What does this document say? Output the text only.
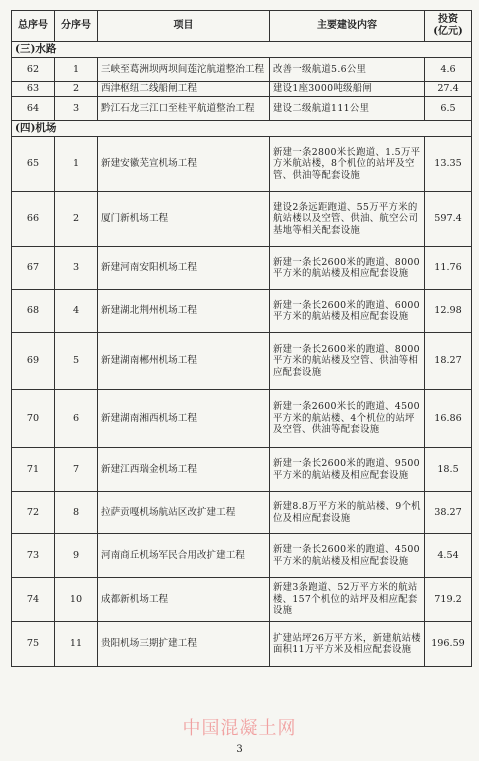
总序号	分序号	项目	主要建设内容	投资
(亿元)
(三)水路				
62	1	三峡至葛洲坝两坝间莲沱航道整治工程	改善一级航道5.6公里	4.6
63	2	西津枢纽二线船闸工程	建设1座3000吨级船闸	27.4
64	3	黔江石龙三江口至桂平航道整治工程	建设二级航道111公里	6.5
(四)机场				
65	1	新建安徽芜宣机场工程	新建一条2800米长跑道、1.5万平方米航站楼，8个机位的站坪及空管、供油等配套设施	13.35
66	2	厦门新机场工程	建设2条远距跑道、55万平方米的航站楼以及空管、供油、航空公司基地等相关配套设施	597.4
67	3	新建河南安阳机场工程	新建一条长2600米的跑道、8000平方米的航站楼及相应配套设施	11.76
68	4	新建湖北荆州机场工程	新建一条长2600米的跑道、6000平方米的航站楼及相应配套设施	12.98
69	5	新建湖南郴州机场工程	新建一条长2600米的跑道、8000平方米的航站楼及空管、供油等相应配套设施	18.27
70	6	新建湖南湘西机场工程	新建一条2600米长的跑道、4500平方米的航站楼、4个机位的站坪及空管、供油等配套设施	16.86
71	7	新建江西瑞金机场工程	新建一条长2600米的跑道、9500平方米的航站楼及相应配套设施	18.5
72	8	拉萨贡嘎机场航站区改扩建工程	新建8.8万平方米的航站楼、9个机位及相应配套设施	38.27
73	9	河南商丘机场军民合用改扩建工程	新建一条长2600米的跑道、4500平方米的航站楼及相应配套设施	4.54
74	10	成都新机场工程	新建3条跑道、52万平方米的航站楼、157个机位的站坪及相应配套设施	719.2
75	11	贵阳机场三期扩建工程	扩建站坪26万平方米，新建航站楼面积11万平方米及相应配套设施	196.59
中国混凝土网
3
